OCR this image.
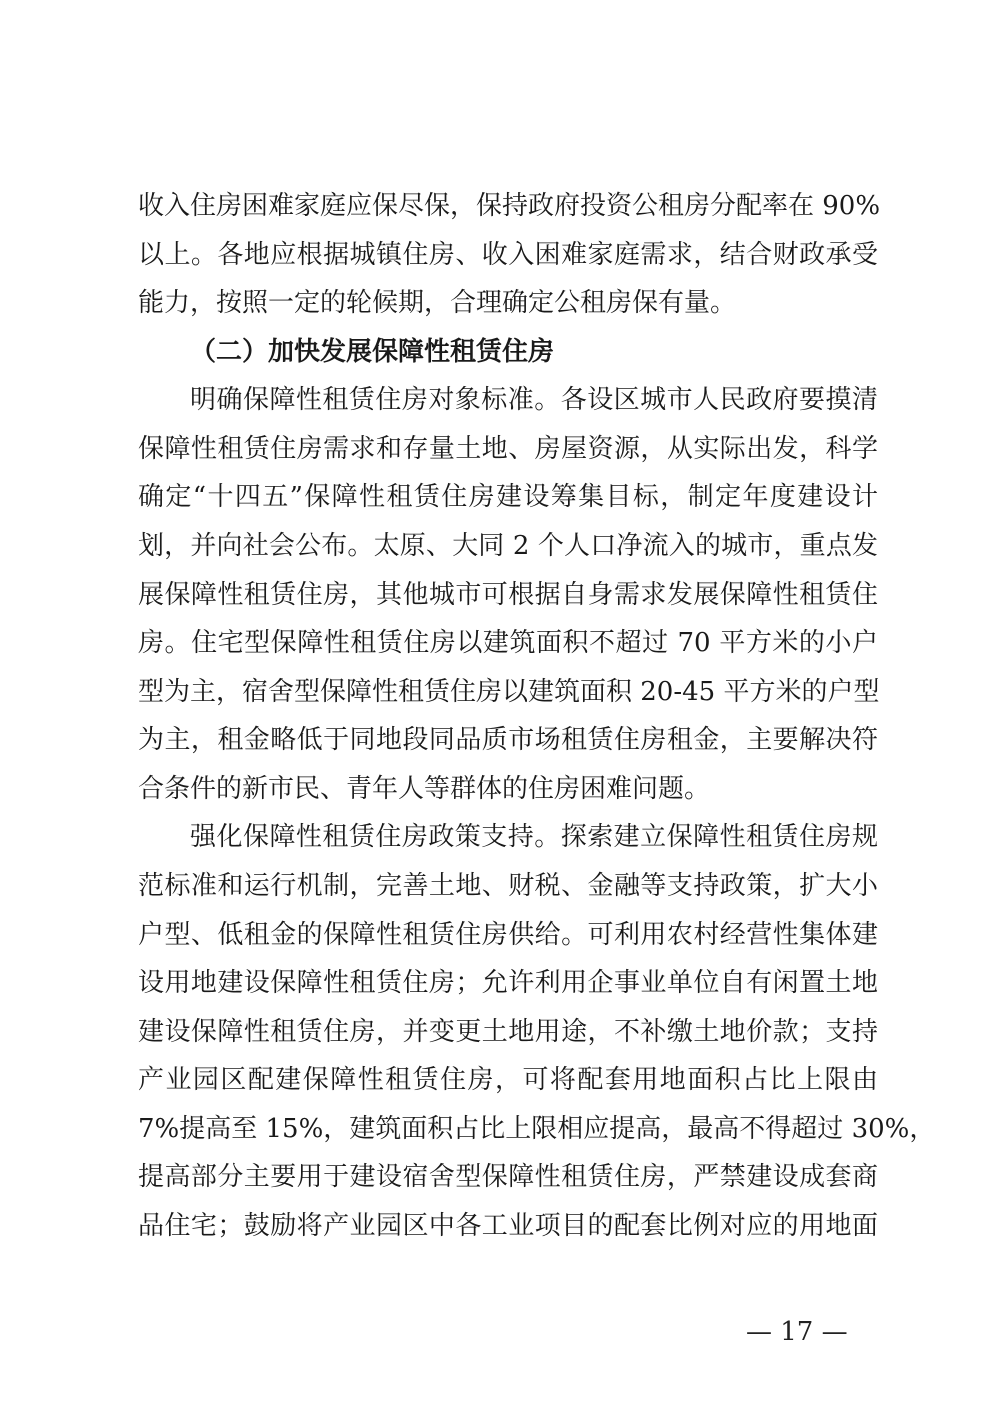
收入住房困难家庭应保尽保，保持政府投资公租房分配率在 90%
以上。各地应根据城镇住房、收入困难家庭需求，结合财政承受
能力，按照一定的轮候期，合理确定公租房保有量。
（二）加快发展保障性租赁住房
明确保障性租赁住房对象标准。各设区城市人民政府要摸清
保障性租赁住房需求和存量土地、房屋资源，从实际出发，科学
确定“十四五”保障性租赁住房建设筹集目标，制定年度建设计
划，并向社会公布。太原、大同 2 个人口净流入的城市，重点发
展保障性租赁住房，其他城市可根据自身需求发展保障性租赁住
房。住宅型保障性租赁住房以建筑面积不超过 70 平方米的小户
型为主，宿舍型保障性租赁住房以建筑面积 20-45 平方米的户型
为主，租金略低于同地段同品质市场租赁住房租金，主要解决符
合条件的新市民、青年人等群体的住房困难问题。
强化保障性租赁住房政策支持。探索建立保障性租赁住房规
范标准和运行机制，完善土地、财税、金融等支持政策，扩大小
户型、低租金的保障性租赁住房供给。可利用农村经营性集体建
设用地建设保障性租赁住房；允许利用企事业单位自有闲置土地
建设保障性租赁住房，并变更土地用途，不补缴土地价款；支持
产业园区配建保障性租赁住房，可将配套用地面积占比上限由
7%提高至 15%，建筑面积占比上限相应提高，最高不得超过 30%，
提高部分主要用于建设宿舍型保障性租赁住房，严禁建设成套商
品住宅；鼓励将产业园区中各工业项目的配套比例对应的用地面
— 17 —
